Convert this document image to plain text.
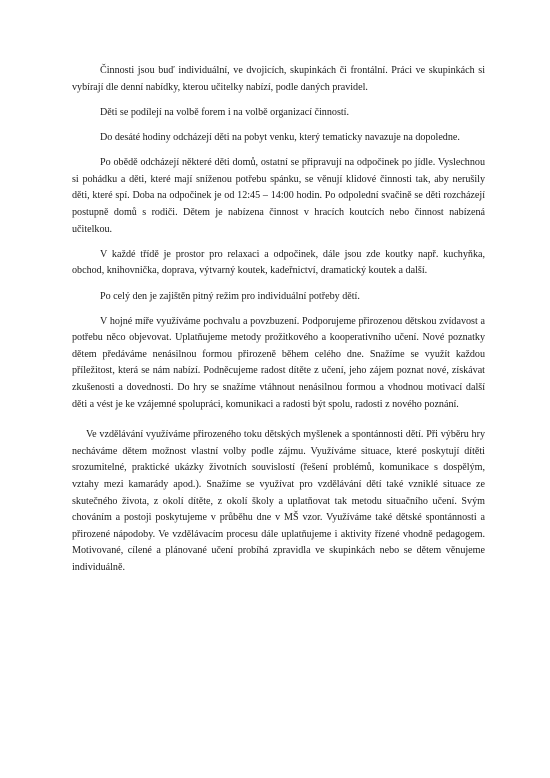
Činnosti jsou buď individuální, ve dvojicích, skupinkách či frontální. Práci ve skupinkách si vybírají dle denní nabídky, kterou učitelky nabízí, podle daných pravidel.

Děti se podílejí na volbě forem i na volbě organizací činností.

Do desáté hodiny odcházejí děti na pobyt venku, který tematicky navazuje na dopoledne.

Po obědě odcházejí některé děti domů, ostatní se připravují na odpočinek po jídle. Vyslechnou si pohádku a děti, které mají sníženou potřebu spánku, se věnují klidové činnosti tak, aby nerušily děti, které spí. Doba na odpočinek je od 12:45 – 14:00 hodin. Po odpolední svačině se děti rozcházejí postupně domů s rodiči. Dětem je nabízena činnost v hracích koutcích nebo činnost nabízená učitelkou.

V každé třídě je prostor pro relaxaci a odpočinek, dále jsou zde koutky např. kuchyňka, obchod, knihovnička, doprava, výtvarný koutek, kadeřnictví, dramatický koutek a další.

Po celý den je zajištěn pitný režim pro individuální potřeby dětí.

V hojné míře využíváme pochvalu a povzbuzení. Podporujeme přirozenou dětskou zvídavost a potřebu něco objevovat. Uplatňujeme metody prožitkového a kooperativního učení. Nové poznatky dětem předáváme nenásilnou formou přirozeně během celého dne. Snažíme se využít každou příležitost, která se nám nabízí. Podněcujeme radost dítěte z učení, jeho zájem poznat nové, získávat zkušenosti a dovednosti. Do hry se snažíme vtáhnout nenásilnou formou a vhodnou motivací další děti a vést je ke vzájemné spolupráci, komunikaci a radosti být spolu, radosti z nového poznání.

Ve vzdělávání využíváme přirozeného toku dětských myšlenek a spontánnosti dětí. Při výběru hry necháváme dětem možnost vlastní volby podle zájmu. Využíváme situace, které poskytují dítěti srozumitelné, praktické ukázky životních souvislostí (řešení problémů, komunikace s dospělým, vztahy mezi kamarády apod.). Snažíme se využívat pro vzdělávání dětí také vzniklé situace ze skutečného života, z okolí dítěte, z okolí školy a uplatňovat tak metodu situačního učení. Svým chováním a postoji poskytujeme v průběhu dne v MŠ vzor. Využíváme také dětské spontánnosti a přirozené nápodoby. Ve vzdělávacím procesu dále uplatňujeme i aktivity řízené vhodně pedagogem. Motivované, cílené a plánované učení probíhá zpravidla ve skupinkách nebo se dětem věnujeme individuálně.
